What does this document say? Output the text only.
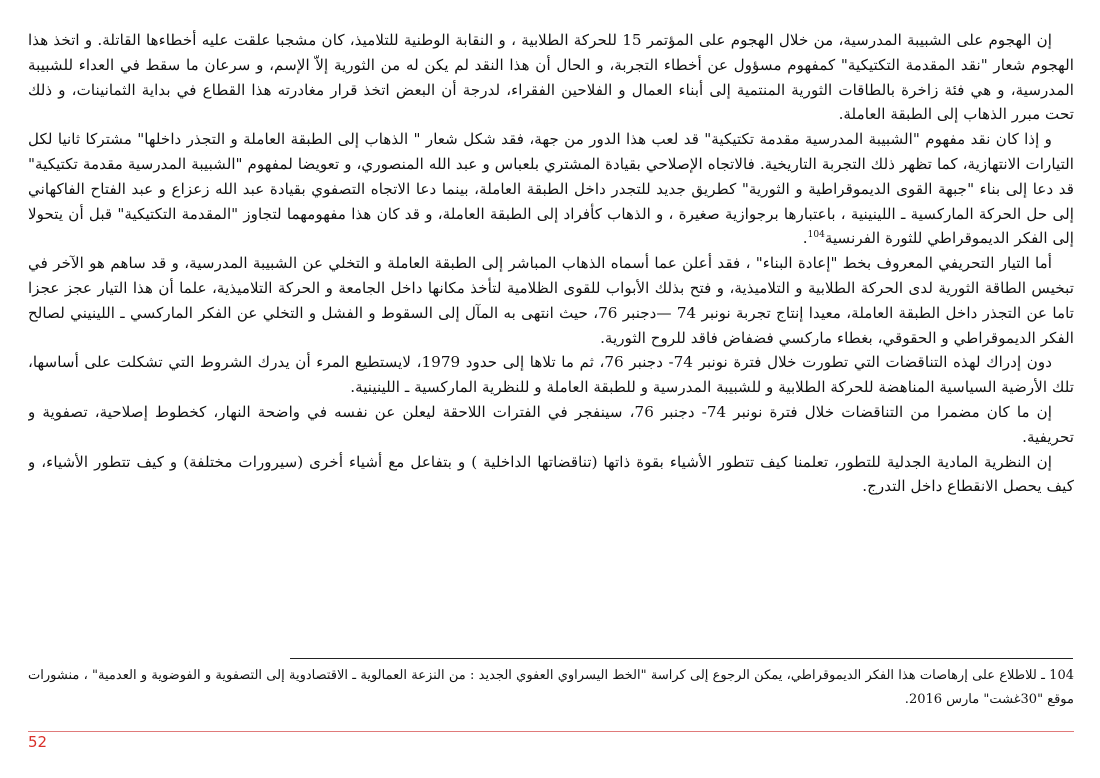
إن الهجوم على الشبيبة المدرسية، من خلال الهجوم على المؤتمر 15 للحركة الطلابية ، و النقابة الوطنية للتلاميذ، كان مشجبا علقت عليه أخطاءها القاتلة. و اتخذ هذا الهجوم شعار "نقد المقدمة التكتيكية" كمفهوم مسؤول عن أخطاء التجربة، و الحال أن هذا النقد لم يكن له من الثورية إلاّ الإسم، و سرعان ما سقط في العداء للشبيبة المدرسية، و هي فئة زاخرة بالطاقات الثورية المنتمية إلى أبناء العمال و الفلاحين الفقراء، لدرجة أن البعض اتخذ قرار مغادرته هذا القطاع في بداية الثمانينات، و ذلك تحت مبرر الذهاب إلى الطبقة العاملة.

و إذا كان نقد مفهوم "الشبيبة المدرسية مقدمة تكتيكية" قد لعب هذا الدور من جهة، فقد شكل شعار " الذهاب إلى الطبقة العاملة و التجذر داخلها" مشتركا ثانيا لكل التيارات الانتهازية، كما تظهر ذلك التجربة التاريخية. فالاتجاه الإصلاحي بقيادة المشتري بلعباس و عبد الله المنصوري، و تعويضا لمفهوم "الشبيبة المدرسية مقدمة تكتيكية" قد دعا إلى بناء "جبهة القوى الديموقراطية و الثورية" كطريق جديد للتجدر داخل الطبقة العاملة، بينما دعا الاتجاه التصفوي بقيادة عبد الله زعزاع و عبد الفتاح الفاكهاني إلى حل الحركة الماركسية ـ اللينينية ، باعتبارها برجوازية صغيرة ، و الذهاب كأفراد إلى الطبقة العاملة، و قد كان هذا مفهومهما لتجاوز "المقدمة التكتيكية" قبل أن يتحولا إلى الفكر الديموقراطي للثورة الفرنسية$^{104}$.

أما التيار التحريفي المعروف بخط "إعادة البناء" ، فقد أعلن عما أسماه الذهاب المباشر إلى الطبقة العاملة و التخلي عن الشبيبة المدرسية، و قد ساهم هو الآخر في تبخيس الطاقة الثورية لدى الحركة الطلابية و التلاميذية، و فتح بذلك الأبواب للقوى الظلامية لتأخذ مكانها داخل الجامعة و الحركة التلاميذية، علما أن هذا التيار عجز عجزا تاما عن التجذر داخل الطبقة العاملة، معيدا إنتاج تجربة نونبر 74 —دجنبر 76، حيث انتهى به المآل إلى السقوط و الفشل و التخلي عن الفكر الماركسي ـ اللينيني لصالح الفكر الديموقراطي و الحقوقي، بغطاء ماركسي فضفاض فاقد للروح الثورية.

دون إدراك لهذه التناقضات التي تطورت خلال فترة نونبر 74- دجنبر 76، ثم ما تلاها إلى حدود 1979، لايستطيع المرء أن يدرك الشروط التي تشكلت على أساسها، تلك الأرضية السياسية المناهضة للحركة الطلابية و للشبيبة المدرسية و للطبقة العاملة و للنظرية الماركسية ـ اللينينية.

إن ما كان مضمرا من التناقضات خلال فترة نونبر 74- دجنبر 76، سينفجر في الفترات اللاحقة ليعلن عن نفسه في واضحة النهار، كخطوط إصلاحية، تصفوية و تحريفية.

إن النظرية المادية الجدلية للتطور، تعلمنا كيف تتطور الأشياء بقوة ذاتها (تناقضاتها الداخلية ) و بتفاعل مع أشياء أخرى (سيرورات مختلفة) و كيف تتطور الأشياء، و كيف يحصل الانقطاع داخل التدرج.

104 ـ للاطلاع على إرهاصات هذا الفكر الديموقراطي، يمكن الرجوع إلى كراسة "الخط اليسراوي العفوي الجديد : من النزعة العمالوية ـ الاقتصادوية إلى التصفوية و الفوضوية و العدمية" ، منشورات موقع "30غشت" مارس 2016.

52
